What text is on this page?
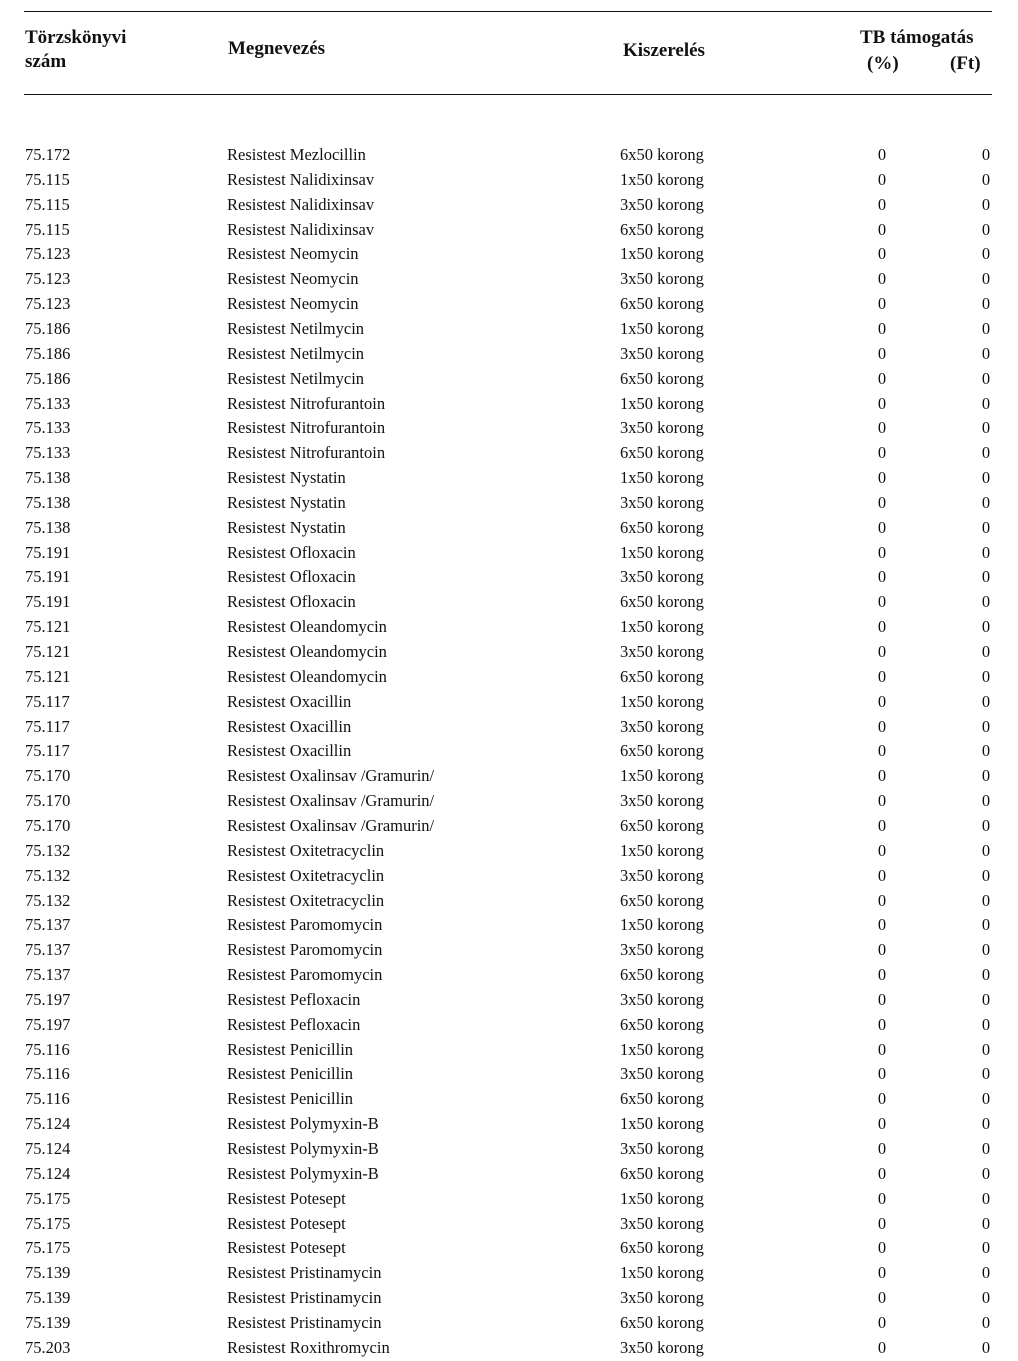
Törzskönyvi
szám
Megnevezés	Kiszerelés
TB támogatás
(%)	(Ft)
75.172	Resistest Mezlocillin	6x50 korong	0	0
75.115	Resistest Nalidixinsav	1x50 korong	0	0
75.115	Resistest Nalidixinsav	3x50 korong	0	0
75.115	Resistest Nalidixinsav	6x50 korong	0	0
75.123	Resistest Neomycin	1x50 korong	0	0
75.123	Resistest Neomycin	3x50 korong	0	0
75.123	Resistest Neomycin	6x50 korong	0	0
75.186	Resistest Netilmycin	1x50 korong	0	0
75.186	Resistest Netilmycin	3x50 korong	0	0
75.186	Resistest Netilmycin	6x50 korong	0	0
75.133	Resistest Nitrofurantoin	1x50 korong	0	0
75.133	Resistest Nitrofurantoin	3x50 korong	0	0
75.133	Resistest Nitrofurantoin	6x50 korong	0	0
75.138	Resistest Nystatin	1x50 korong	0	0
75.138	Resistest Nystatin	3x50 korong	0	0
75.138	Resistest Nystatin	6x50 korong	0	0
75.191	Resistest Ofloxacin	1x50 korong	0	0
75.191	Resistest Ofloxacin	3x50 korong	0	0
75.191	Resistest Ofloxacin	6x50 korong	0	0
75.121	Resistest Oleandomycin	1x50 korong	0	0
75.121	Resistest Oleandomycin	3x50 korong	0	0
75.121	Resistest Oleandomycin	6x50 korong	0	0
75.117	Resistest Oxacillin	1x50 korong	0	0
75.117	Resistest Oxacillin	3x50 korong	0	0
75.117	Resistest Oxacillin	6x50 korong	0	0
75.170	Resistest Oxalinsav /Gramurin/	1x50 korong	0	0
75.170	Resistest Oxalinsav /Gramurin/	3x50 korong	0	0
75.170	Resistest Oxalinsav /Gramurin/	6x50 korong	0	0
75.132	Resistest Oxitetracyclin	1x50 korong	0	0
75.132	Resistest Oxitetracyclin	3x50 korong	0	0
75.132	Resistest Oxitetracyclin	6x50 korong	0	0
75.137	Resistest Paromomycin	1x50 korong	0	0
75.137	Resistest Paromomycin	3x50 korong	0	0
75.137	Resistest Paromomycin	6x50 korong	0	0
75.197	Resistest Pefloxacin	3x50 korong	0	0
75.197	Resistest Pefloxacin	6x50 korong	0	0
75.116	Resistest Penicillin	1x50 korong	0	0
75.116	Resistest Penicillin	3x50 korong	0	0
75.116	Resistest Penicillin	6x50 korong	0	0
75.124	Resistest Polymyxin-B	1x50 korong	0	0
75.124	Resistest Polymyxin-B	3x50 korong	0	0
75.124	Resistest Polymyxin-B	6x50 korong	0	0
75.175	Resistest Potesept	1x50 korong	0	0
75.175	Resistest Potesept	3x50 korong	0	0
75.175	Resistest Potesept	6x50 korong	0	0
75.139	Resistest Pristinamycin	1x50 korong	0	0
75.139	Resistest Pristinamycin	3x50 korong	0	0
75.139	Resistest Pristinamycin	6x50 korong	0	0
75.203	Resistest Roxithromycin	3x50 korong	0	0
